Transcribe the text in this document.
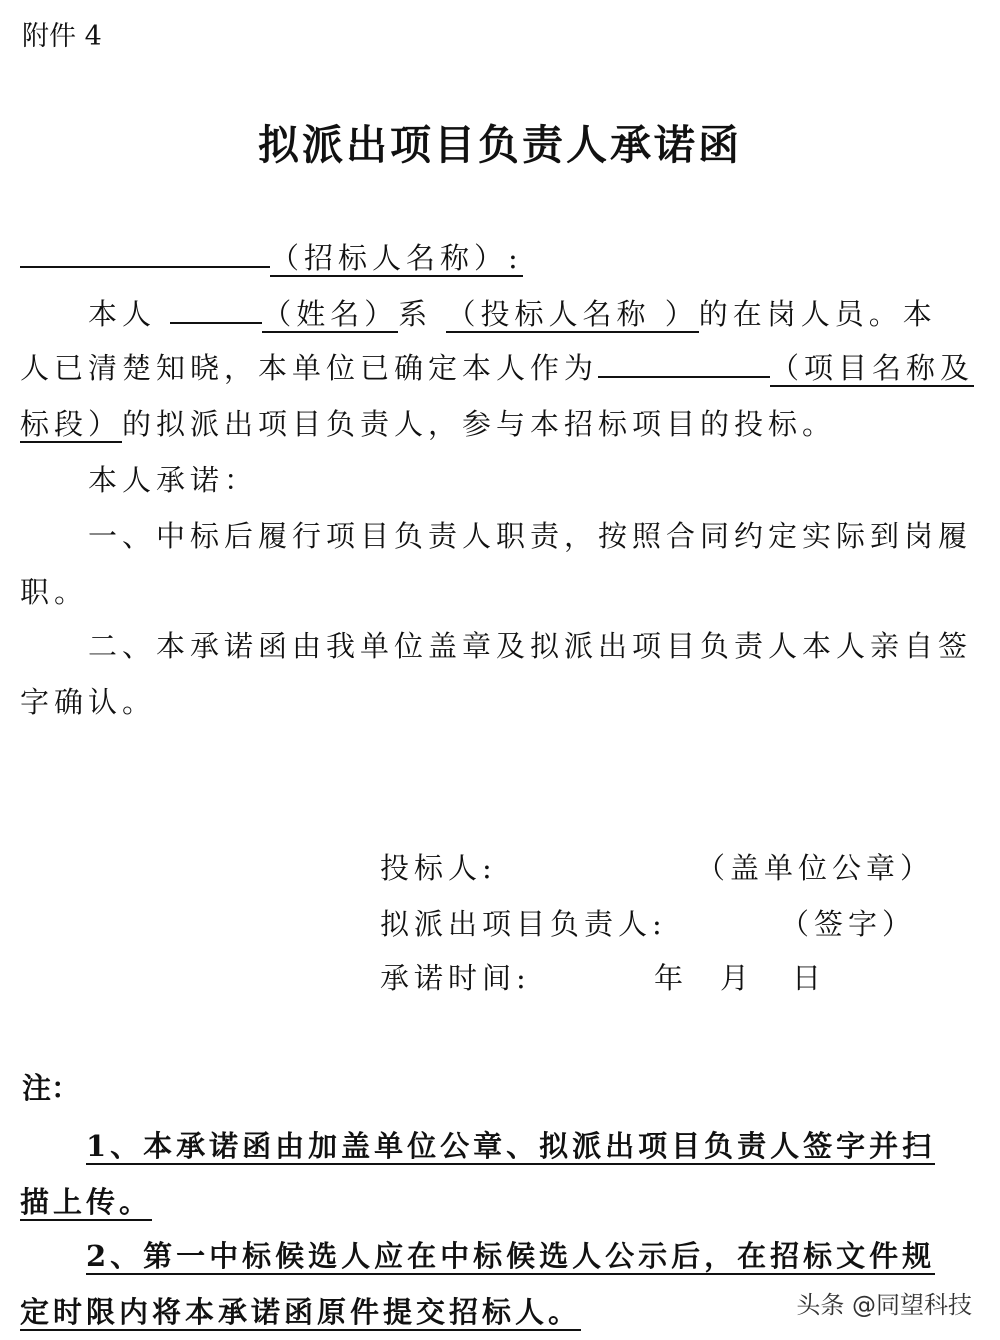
附件 4
拟派出项目负责人承诺函
（招标人名称）:
本人	（姓名）系 （投标人名称 ）的在岗人员。本
人已清楚知晓，本单位已确定本人作为	（项目名称及
标段）的拟派出项目负责人，参与本招标项目的投标。
本人承诺：
一、中标后履行项目负责人职责，按照合同约定实际到岗履
职。
二、本承诺函由我单位盖章及拟派出项目负责人本人亲自签
字确认。
投标人:	（盖单位公章）
拟派出项目负责人:	（签字）
承诺时间:	年 月 日
注：
1、本承诺函由加盖单位公章、拟派出项目负责人签字并扫
描上传。
2、第一中标候选人应在中标候选人公示后，在招标文件规
定时限内将本承诺函原件提交招标人。	头条 @同望科技
